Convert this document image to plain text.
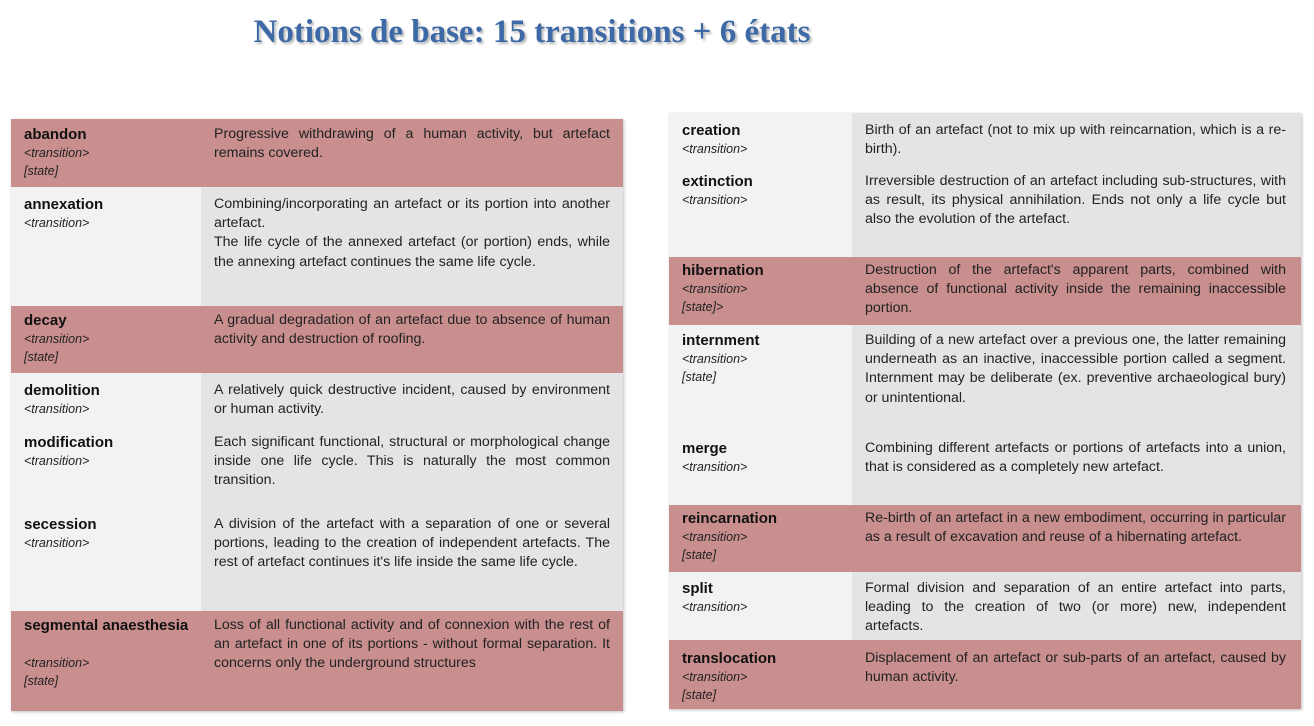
Notions de base: 15 transitions + 6 états
abandon
<transition>
[state]
Progressive withdrawing of a human activity, but artefact remains covered.
annexation
<transition>
Combining/incorporating an artefact or its portion into another artefact.
The life cycle of the annexed artefact (or portion) ends, while the annexing artefact continues the same life cycle.
decay
<transition>
[state]
A gradual degradation of an artefact due to absence of human activity and destruction of roofing.
demolition
<transition>
A relatively quick destructive incident, caused by environment or human activity.
modification
<transition>
Each significant functional, structural or morphological change inside one life cycle. This is naturally the most common transition.
secession
<transition>
A division of the artefact with a separation of one or several portions, leading to the creation of independent artefacts. The rest of artefact continues it's life inside the same life cycle.
segmental anaesthesia
<transition>
[state]
Loss of all functional activity and of connexion with the rest of an artefact in one of its portions - without formal separation. It concerns only the underground structures
creation
<transition>
Birth of an artefact (not to mix up with reincarnation, which is a re-birth).
extinction
<transition>
Irreversible destruction of an artefact including sub-structures, with as result, its physical annihilation. Ends not only a life cycle but also the evolution of the artefact.
hibernation
<transition>
[state]>
Destruction of the artefact's apparent parts, combined with absence of functional activity inside the remaining inaccessible portion.
internment
<transition>
[state]
Building of a new artefact over a previous one, the latter remaining underneath as an inactive, inaccessible portion called a segment. Internment may be deliberate (ex. preventive archaeological bury) or unintentional.
merge
<transition>
Combining different artefacts or portions of artefacts into a union, that is considered as a completely new artefact.
reincarnation
<transition>
[state]
Re-birth of an artefact in a new embodiment, occurring in particular as a result of excavation and reuse of a hibernating artefact.
split
<transition>
Formal division and separation of an entire artefact into parts, leading to the creation of two (or more) new, independent artefacts.
translocation
<transition>
[state]
Displacement of an artefact or sub-parts of an artefact, caused by human activity.
